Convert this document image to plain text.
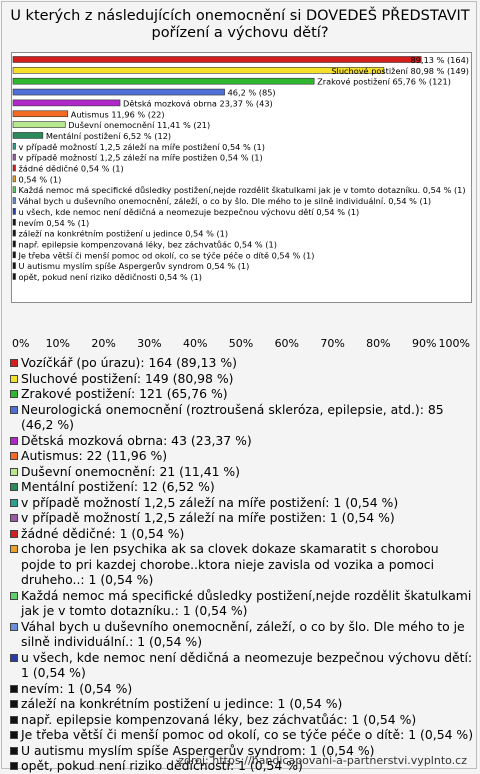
U kterých z následujících onemocnění si DOVEDEŠ PŘEDSTAVIT pořízení a výchovu dětí?
89,13 % (164)
Sluchové postižení 80,98 % (149)
Zrakové postižení 65,76 % (121)
46,2 % (85)
Dětská mozková obrna 23,37 % (43)
Autismus 11,96 % (22)
Duševní onemocnění 11,41 % (21)
Mentální postižení 6,52 % (12)
v případě možností 1,2,5 záleží na míře postižení 0,54 % (1)
v případě možností 1,2,5 záleží na míře postižen 0,54 % (1)
žádné dědičné 0,54 % (1)
0,54 % (1)
Každá nemoc má specifické důsledky postižení,nejde rozdělit škatulkami jak je v tomto dotazníku. 0,54 % (1)
Váhal bych u duševního onemocnění, záleží, o co by šlo. Dle mého to je silně individuální. 0,54 % (1)
u všech, kde nemoc není dědičná a neomezuje bezpečnou výchovu dětí 0,54 % (1)
nevím 0,54 % (1)
záleží na konkrétním postižení u jedince 0,54 % (1)
např. epilepsie kompenzovaná léky, bez záchvatůác 0,54 % (1)
Je třeba větší či menší pomoc od okolí, co se týče péče o dítě 0,54 % (1)
U autismu myslím spíše Aspergerův syndrom 0,54 % (1)
opět, pokud není riziko dědičnosti 0,54 % (1)
0% 10% 20% 30% 40% 50% 60% 70% 80% 90% 100%
Vozíčkář (po úrazu): 164 (89,13 %)
Sluchové postižení: 149 (80,98 %)
Zrakové postižení: 121 (65,76 %)
Neurologická onemocnění (roztroušená skleróza, epilepsie, atd.): 85 (46,2 %)
Dětská mozková obrna: 43 (23,37 %)
Autismus: 22 (11,96 %)
Duševní onemocnění: 21 (11,41 %)
Mentální postižení: 12 (6,52 %)
v případě možností 1,2,5 záleží na míře postižení: 1 (0,54 %)
v případě možností 1,2,5 záleží na míře postižen: 1 (0,54 %)
žádné dědičné: 1 (0,54 %)
choroba je len psychika ak sa clovek dokaze skamaratit s chorobou pojde to pri kazdej chorobe..ktora nieje zavisla od vozika a pomoci druheho..: 1 (0,54 %)
Každá nemoc má specifické důsledky postižení,nejde rozdělit škatulkami jak je v tomto dotazníku.: 1 (0,54 %)
Váhal bych u duševního onemocnění, záleží, o co by šlo. Dle mého to je silně individuální.: 1 (0,54 %)
u všech, kde nemoc není dědičná a neomezuje bezpečnou výchovu dětí: 1 (0,54 %)
nevím: 1 (0,54 %)
záleží na konkrétním postižení u jedince: 1 (0,54 %)
např. epilepsie kompenzovaná léky, bez záchvatůác: 1 (0,54 %)
Je třeba větší či menší pomoc od okolí, co se týče péče o dítě: 1 (0,54 %)
U autismu myslím spíše Aspergerův syndrom: 1 (0,54 %)
opět, pokud není riziko dědičnosti: 1 (0,54 %)
zdroj: https://handicapovani-a-partnerstvi.vyplnto.cz
